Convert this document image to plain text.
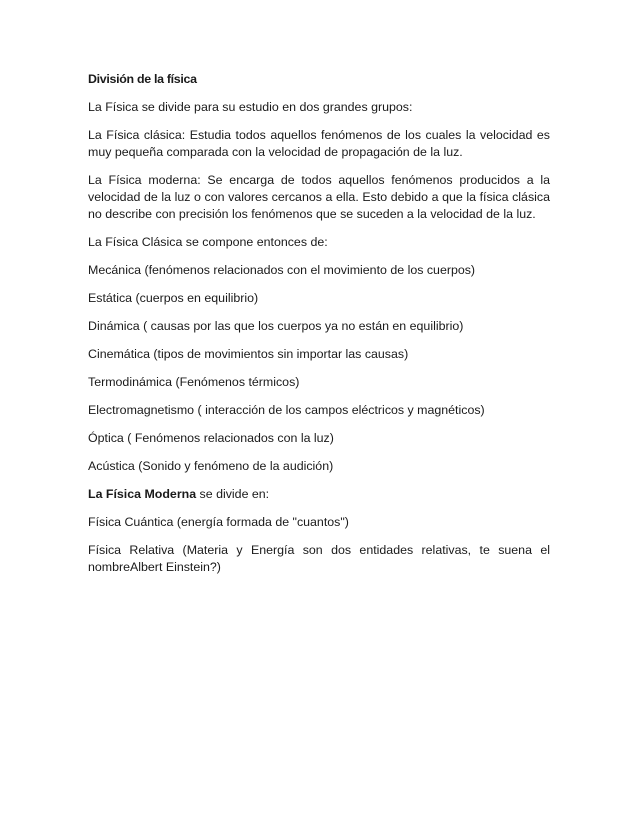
División de la física

La Física se divide para su estudio en dos grandes grupos:

La Física clásica: Estudia todos aquellos fenómenos de los cuales la velocidad es muy pequeña comparada con la velocidad de propagación de la luz.

La Física moderna: Se encarga de todos aquellos fenómenos producidos a la velocidad de la luz o con valores cercanos a ella. Esto debido a que la física clásica no describe con precisión los fenómenos que se suceden a la velocidad de la luz.

La Física Clásica se compone entonces de:

Mecánica (fenómenos relacionados con el movimiento de los cuerpos)

Estática (cuerpos en equilibrio)

Dinámica ( causas por las que los cuerpos ya no están en equilibrio)

Cinemática (tipos de movimientos sin importar las causas)

Termodinámica (Fenómenos térmicos)

Electromagnetismo ( interacción de los campos eléctricos y magnéticos)

Óptica ( Fenómenos relacionados con la luz)

Acústica (Sonido y fenómeno de la audición)

La Física Moderna se divide en:

Física Cuántica (energía formada de "cuantos")

Física Relativa (Materia y Energía son dos entidades relativas, te suena el nombreAlbert Einstein?)
